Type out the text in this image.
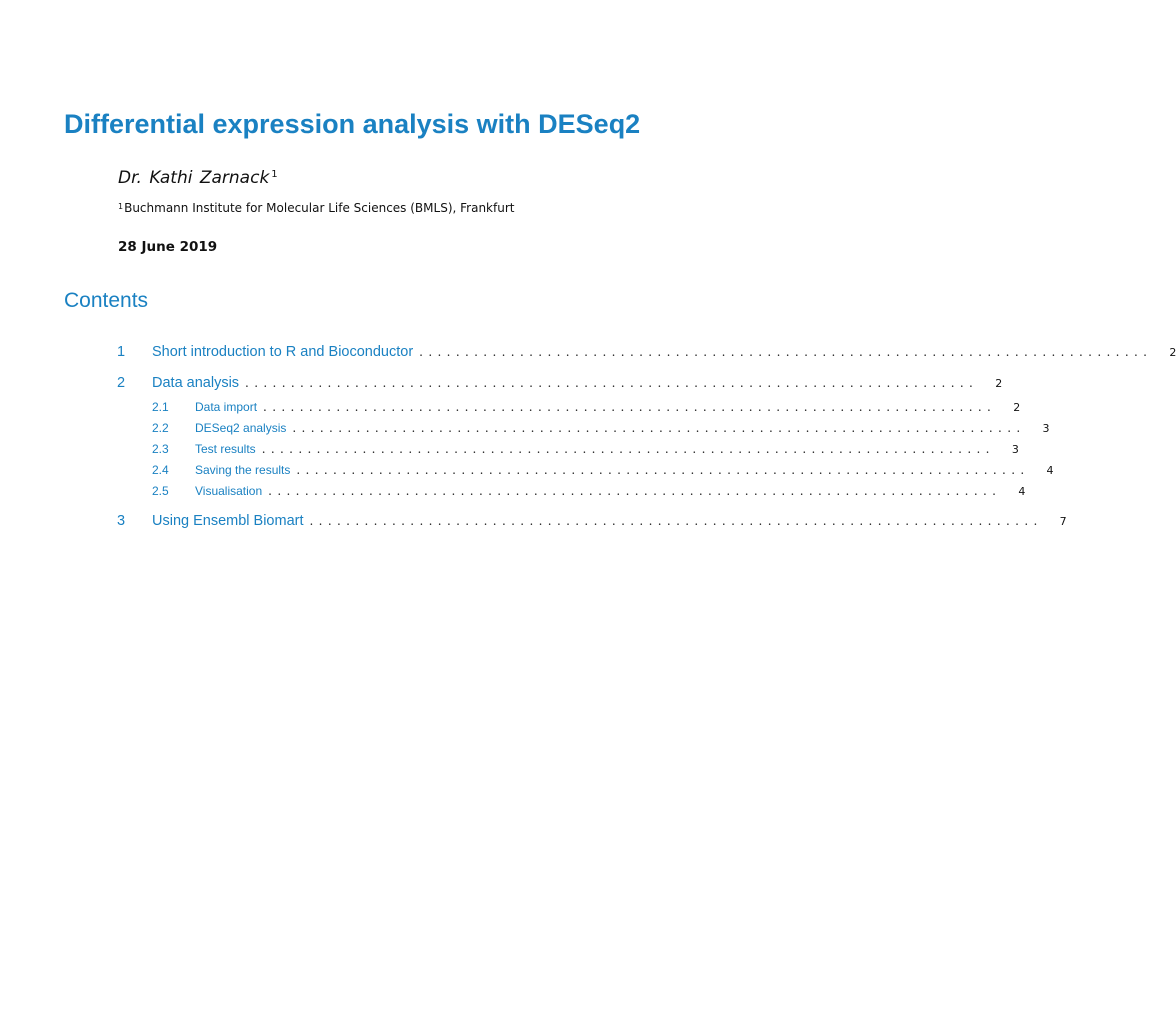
Differential expression analysis with DESeq2
Dr. Kathi Zarnack $^1$
$^1$Buchmann Institute for Molecular Life Sciences (BMLS), Frankfurt
28 June 2019
Contents
1	Short introduction to R and Bioconductor ................................................................................ 2
2	Data analysis ................................................................................ 2
2.1	Data import ................................................................................ 2
2.2	DESeq2 analysis ................................................................................ 3
2.3	Test results ................................................................................ 3
2.4	Saving the results ................................................................................ 4
2.5	Visualisation ................................................................................ 4
3	Using Ensembl Biomart ................................................................................ 7
